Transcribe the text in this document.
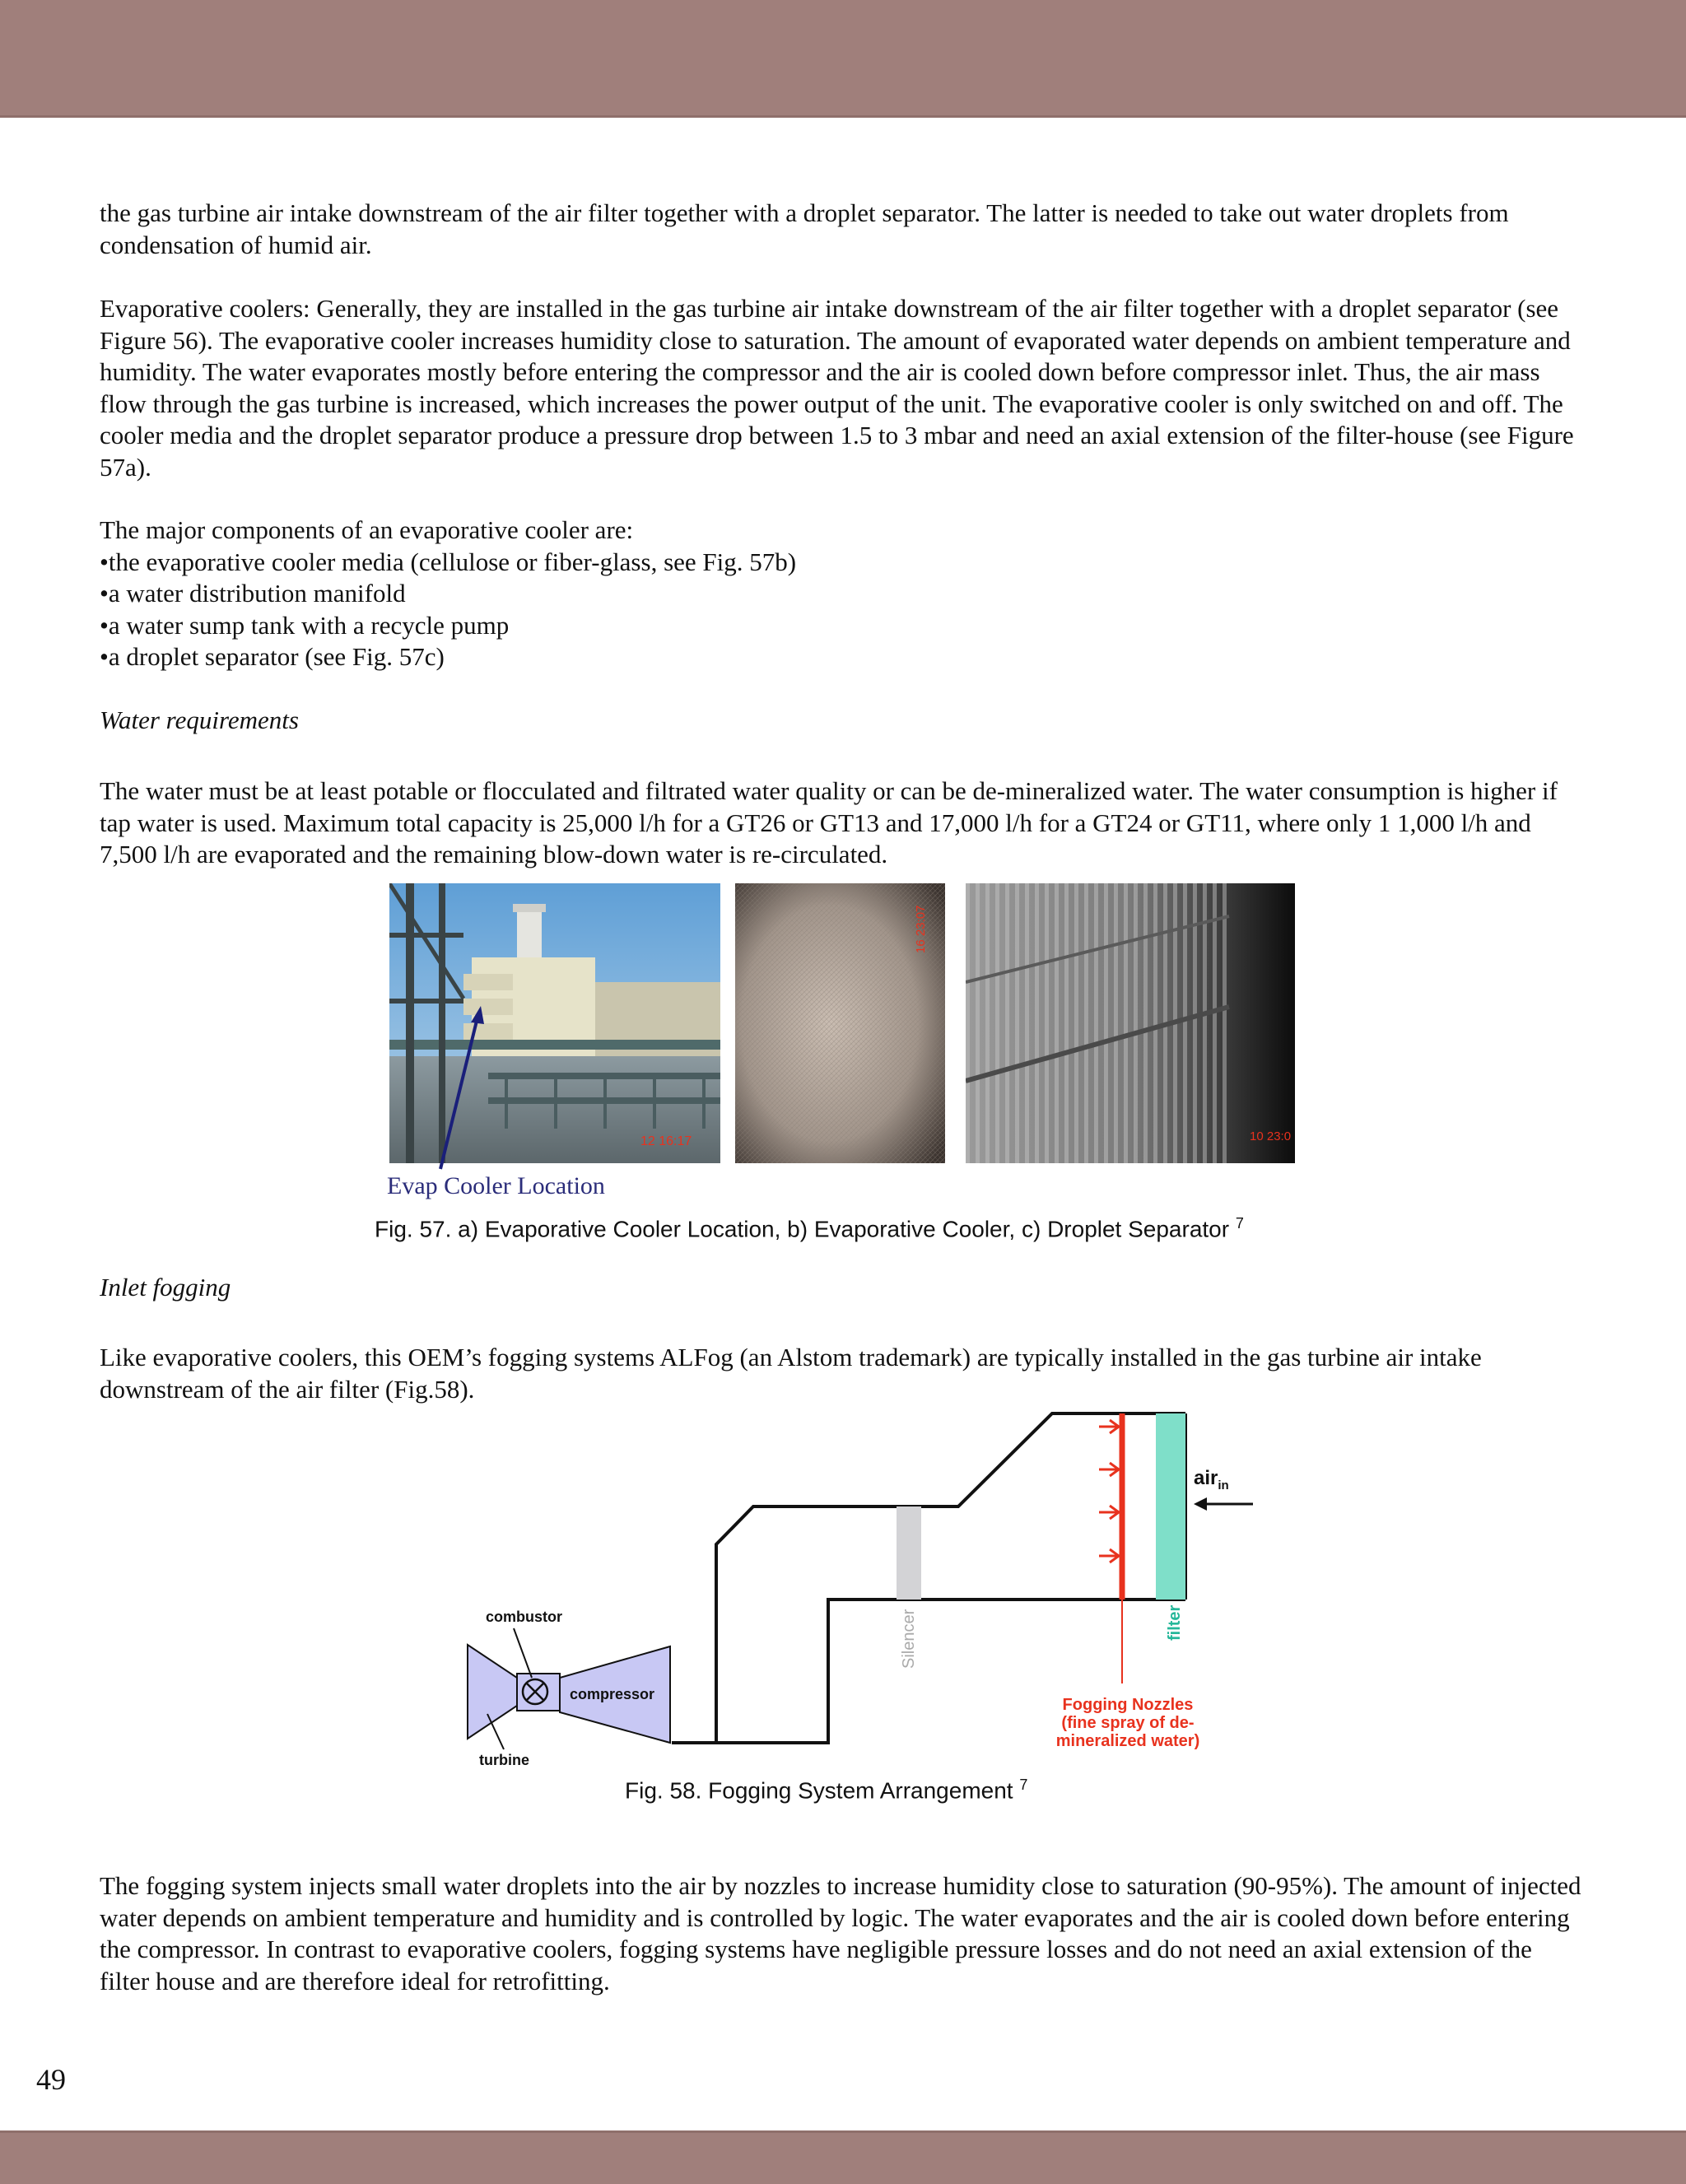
the gas turbine air intake downstream of the air filter together with a droplet separator. The latter is needed to take out water droplets from condensation of humid air.

Evaporative coolers: Generally, they are installed in the gas turbine air intake downstream of the air filter together with a droplet separator (see Figure 56). The evaporative cooler increases humidity close to saturation. The amount of evaporated water depends on ambient temperature and humidity. The water evaporates mostly before entering the compressor and the air is cooled down before compressor inlet. Thus, the air mass flow through the gas turbine is increased, which increases the power output of the unit. The evaporative cooler is only switched on and off. The cooler media and the droplet separator produce a pressure drop between 1.5 to 3 mbar and need an axial extension of the filter-house (see Figure 57a).

The major components of an evaporative cooler are:

• the evaporative cooler media (cellulose or fiber-glass, see Fig. 57b)
• a water distribution manifold
• a water sump tank with a recycle pump
• a droplet separator (see Fig. 57c)
Water requirements

The water must be at least potable or flocculated and filtrated water quality or can be de-mineralized water. The water consumption is higher if tap water is used. Maximum total capacity is 25,000 l/h for a GT26 or GT13 and 17,000 l/h for a GT24 or GT11, where only 1 1,000 l/h and 7,500 l/h are evaporated and the remaining blow-down water is re-circulated.

12 16:17
16 23:07
10 23:0
Evap Cooler Location
Fig. 57. a) Evaporative Cooler Location, b) Evaporative Cooler, c) Droplet Separator $^7$
Inlet fogging

Like evaporative coolers, this OEM’s fogging systems ALFog (an Alstom trademark) are typically installed in the gas turbine air intake downstream of the air filter (Fig.58).

Silencer	filter
air$_{in}$
compressor
combustor
turbine
Fogging Nozzles
(fine spray of de-
mineralized water)
Fig. 58. Fogging System Arrangement $^7$

The fogging system injects small water droplets into the air by nozzles to increase humidity close to saturation (90-95%). The amount of injected water depends on ambient temperature and humidity and is controlled by logic. The water evaporates and the air is cooled down before entering the compressor. In contrast to evaporative coolers, fogging systems have negligible pressure losses and do not need an axial extension of the filter house and are therefore ideal for retrofitting.

49
